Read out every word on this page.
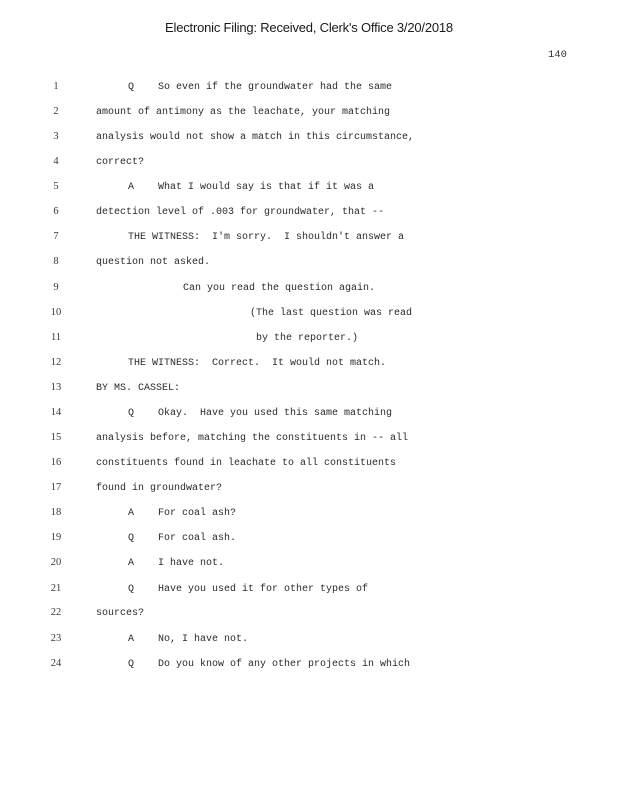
Electronic Filing: Received, Clerk's Office 3/20/2018
140
1	Q So even if the groundwater had the same
2	amount of antimony as the leachate, your matching
3	analysis would not show a match in this circumstance,
4	correct?
5	A What I would say is that if it was a
6	detection level of .003 for groundwater, that --
7	THE WITNESS:  I'm sorry.  I shouldn't answer a
8	question not asked.
9	Can you read the question again.
10	(The last question was read
11	by the reporter.)
12	THE WITNESS:  Correct.  It would not match.
13	BY MS. CASSEL:
14	Q Okay.  Have you used this same matching
15	analysis before, matching the constituents in -- all
16	constituents found in leachate to all constituents
17	found in groundwater?
18	A For coal ash?
19	Q For coal ash.
20	A I have not.
21	Q Have you used it for other types of
22	sources?
23	A No, I have not.
24	Q Do you know of any other projects in which
